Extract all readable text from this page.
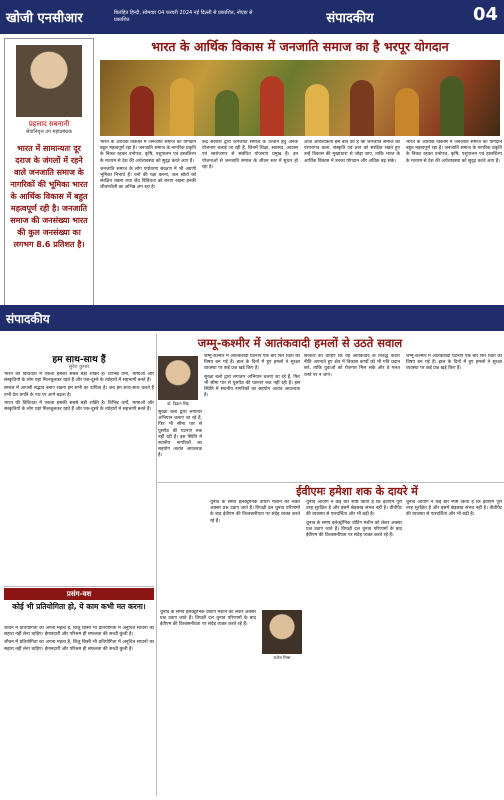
खोजी एनसीआर	बिलंहित हिन्दी, सोमवार 04 फरवरी 2024 नई दिल्ली से प्रकाशित, नोएडा से प्रकाशित	संपादकीय	04
भारत के आर्थिक विकास में जनजाति समाज का है भरपूर योगदान
प्रहलाद सबनानी
सेवानिवृत्त उप महाप्रबंधक
भारत में सामान्यतः दूर दराज के जंगलों में रहने वाले जनजाति समाज के नागरिकों की भूमिका भारत के आर्थिक विकास में बहुत महत्वपूर्ण रही है। जनजाति समाज की जनसंख्या भारत की कुल जनसंख्या का लगभग 8.6 प्रतिशत है।

भारत के आर्थिक विकास में जनजाति समाज का योगदान बहुत महत्वपूर्ण रहा है। जनजाति समाज के नागरिक प्रकृति के निकट रहकर वनोपज, कृषि, पशुपालन एवं हस्तशिल्प के माध्यम से देश की अर्थव्यवस्था को सुदृढ़ करते आए हैं।

जनजाति समाज के लोग पर्यावरण संरक्षण में भी अग्रणी भूमिका निभाते हैं। वनों की रक्षा करना, जल स्रोतों को संरक्षित रखना तथा जैव विविधता को बनाए रखना इनकी जीवनशैली का अभिन्न अंग रहा है।

केंद्र सरकार द्वारा जनजाति समाज के उत्थान हेतु अनेक योजनाएं चलाई जा रही हैं, जिनमें शिक्षा, स्वास्थ्य, आवास एवं स्वरोजगार से संबंधित योजनाएं प्रमुख हैं। इन योजनाओं से जनजाति समाज के जीवन स्तर में सुधार हो रहा है।

आज आवश्यकता इस बात की है कि जनजाति समाज की परंपरागत कला, संस्कृति एवं ज्ञान को संरक्षित रखते हुए उन्हें विकास की मुख्यधारा से जोड़ा जाए, ताकि भारत के आर्थिक विकास में उनका योगदान और अधिक बढ़ सके।

भारत के आर्थिक विकास में जनजाति समाज का योगदान बहुत महत्वपूर्ण रहा है। जनजाति समाज के नागरिक प्रकृति के निकट रहकर वनोपज, कृषि, पशुपालन एवं हस्तशिल्प के माध्यम से देश की अर्थव्यवस्था को सुदृढ़ करते आए हैं।

संपादकीय
जम्मू-कश्मीर में आतंकवादी हमलों से उठते सवाल
डॉ. विक्रम सिंह

जम्मू-कश्मीर में आतंकवादी घटनाएं एक बार फिर चिंता का विषय बन गई हैं। हाल के दिनों में हुए हमलों ने सुरक्षा व्यवस्था पर कई प्रश्न खड़े किए हैं।

सुरक्षा बलों द्वारा लगातार अभियान चलाए जा रहे हैं, फिर भी सीमा पार से घुसपैठ की घटनाएं रुक नहीं रही हैं। इस स्थिति में स्थानीय नागरिकों का सहयोग अत्यंत आवश्यक है।

सरकार को चाहिए कि वह आतंकवाद के विरुद्ध कठोर नीति अपनाते हुए क्षेत्र में विकास कार्यों को भी गति प्रदान करे, ताकि युवाओं को रोजगार मिल सके और वे गलत रास्ते पर न जाएं।

जम्मू-कश्मीर में आतंकवादी घटनाएं एक बार फिर चिंता का विषय बन गई हैं। हाल के दिनों में हुए हमलों ने सुरक्षा व्यवस्था पर कई प्रश्न खड़े किए हैं।

सुरक्षा बलों द्वारा लगातार अभियान चलाए जा रहे हैं, फिर भी सीमा पार से घुसपैठ की घटनाएं रुक नहीं रही हैं। इस स्थिति में स्थानीय नागरिकों का सहयोग अत्यंत आवश्यक है।

हम साथ-साथ हैं
सुरेश कुमार

भारत की विविधता में एकता इसकी सबसे बड़ी शक्ति है। विभिन्न धर्मों, भाषाओं और संस्कृतियों के लोग यहां मिलजुलकर रहते हैं और एक-दूसरे के त्योहारों में सहभागी बनते हैं।

समाज में आपसी सद्भाव बनाए रखना हम सभी का दायित्व है। जब हम साथ-साथ चलते हैं तभी देश प्रगति के पथ पर आगे बढ़ता है।

भारत की विविधता में एकता इसकी सबसे बड़ी शक्ति है। विभिन्न धर्मों, भाषाओं और संस्कृतियों के लोग यहां मिलजुलकर रहते हैं और एक-दूसरे के त्योहारों में सहभागी बनते हैं।

ईवीएमः हमेशा शक के दायरे में

चुनाव के समय इलेक्ट्रॉनिक वोटिंग मशीन को लेकर अक्सर प्रश्न उठाए जाते हैं। विपक्षी दल चुनाव परिणामों के बाद ईवीएम की विश्वसनीयता पर संदेह व्यक्त करते रहे हैं।

चुनाव आयोग ने कई बार स्पष्ट किया है कि ईवीएम पूरी तरह सुरक्षित है और इसमें छेड़छाड़ संभव नहीं है। वीवीपैट की व्यवस्था से पारदर्शिता और भी बढ़ी है।

चुनाव के समय इलेक्ट्रॉनिक वोटिंग मशीन को लेकर अक्सर प्रश्न उठाए जाते हैं। विपक्षी दल चुनाव परिणामों के बाद ईवीएम की विश्वसनीयता पर संदेह व्यक्त करते रहे हैं।

चुनाव आयोग ने कई बार स्पष्ट किया है कि ईवीएम पूरी तरह सुरक्षित है और इसमें छेड़छाड़ संभव नहीं है। वीवीपैट की व्यवस्था से पारदर्शिता और भी बढ़ी है।

राजेश मिश्रा

चुनाव के समय इलेक्ट्रॉनिक वोटिंग मशीन को लेकर अक्सर प्रश्न उठाए जाते हैं। विपक्षी दल चुनाव परिणामों के बाद ईवीएम की विश्वसनीयता पर संदेह व्यक्त करते रहे हैं।

प्रसंग-वश
कोई भी प्रतियोगिता हो, ये काम कभी मत करना।

जीवन में प्रतियोगिता का अपना महत्व है, किंतु किसी भी प्रतियोगिता में अनुचित साधनों का सहारा नहीं लेना चाहिए। ईमानदारी और परिश्रम ही सफलता की सच्ची कुंजी है।

जीवन में प्रतियोगिता का अपना महत्व है, किंतु किसी भी प्रतियोगिता में अनुचित साधनों का सहारा नहीं लेना चाहिए। ईमानदारी और परिश्रम ही सफलता की सच्ची कुंजी है।
